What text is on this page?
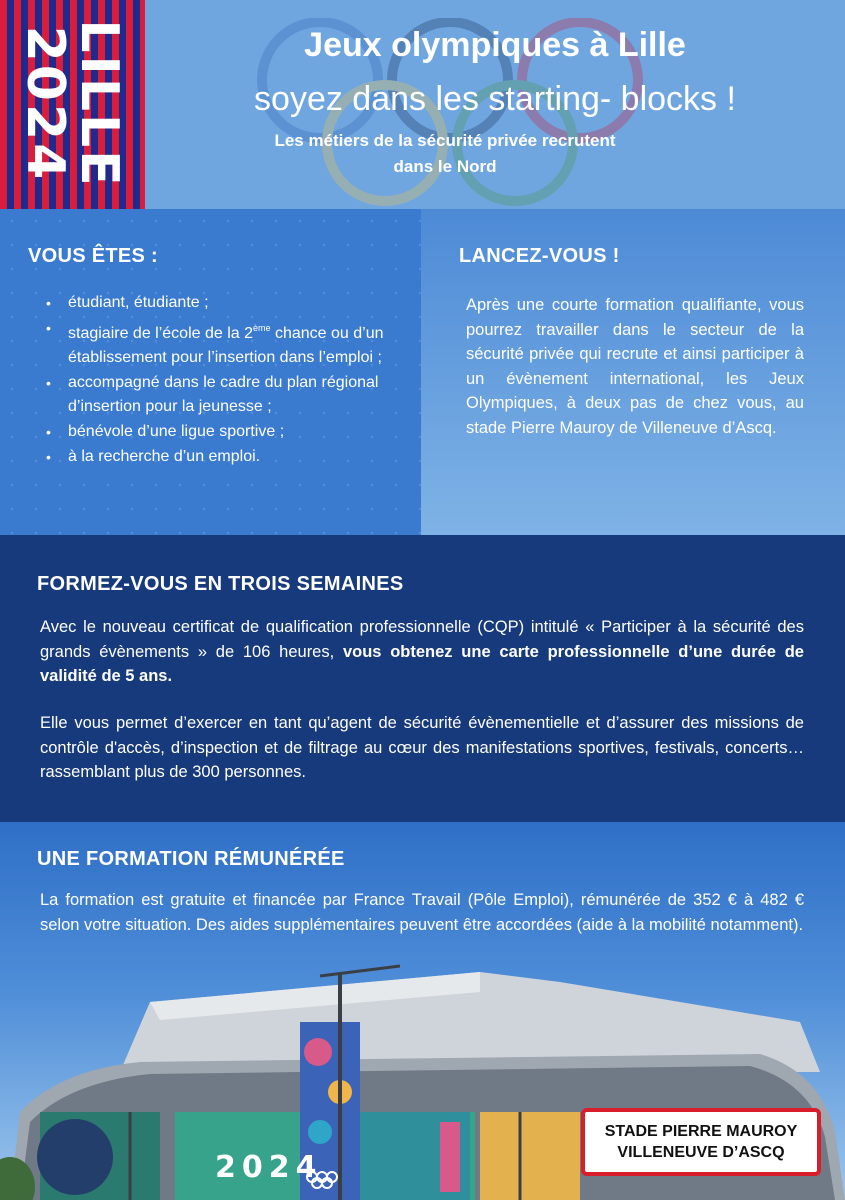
LILLE
2024	Jeux olympiques à Lille
soyez dans les starting- blocks !
Les métiers de la sécurité privée recrutent
dans le Nord
VOUS ÊTES :
• étudiant, étudiante ;
• stagiaire de l’école de la 2ème chance ou d’un établissement pour l’insertion dans l’emploi ;
• accompagné dans le cadre du plan régional d’insertion pour la jeunesse ;
• bénévole d’une ligue sportive ;
• à la recherche d’un emploi.
LANCEZ-VOUS !
Après une courte formation qualifiante, vous pourrez travailler dans le secteur de la sécurité privée qui recrute et ainsi participer à un évènement international, les Jeux Olympiques, à deux pas de chez vous, au stade Pierre Mauroy de Villeneuve d’Ascq.
FORMEZ-VOUS EN TROIS SEMAINES
Avec le nouveau certificat de qualification professionnelle (CQP) intitulé « Participer à la sécurité des grands évènements » de 106 heures, vous obtenez une carte professionnelle d’une durée de validité de 5 ans.
Elle vous permet d’exercer en tant qu’agent de sécurité évènementielle et d’assurer des missions de contrôle d'accès, d’inspection et de filtrage au cœur des manifestations sportives, festivals, concerts… rassemblant plus de 300 personnes.
UNE FORMATION RÉMUNÉRÉE
La formation est gratuite et financée par France Travail (Pôle Emploi), rémunérée de 352 € à 482 € selon votre situation. Des aides supplémentaires peuvent être accordées (aide à la mobilité notamment).
2024
STADE PIERRE MAUROY
VILLENEUVE D’ASCQ
